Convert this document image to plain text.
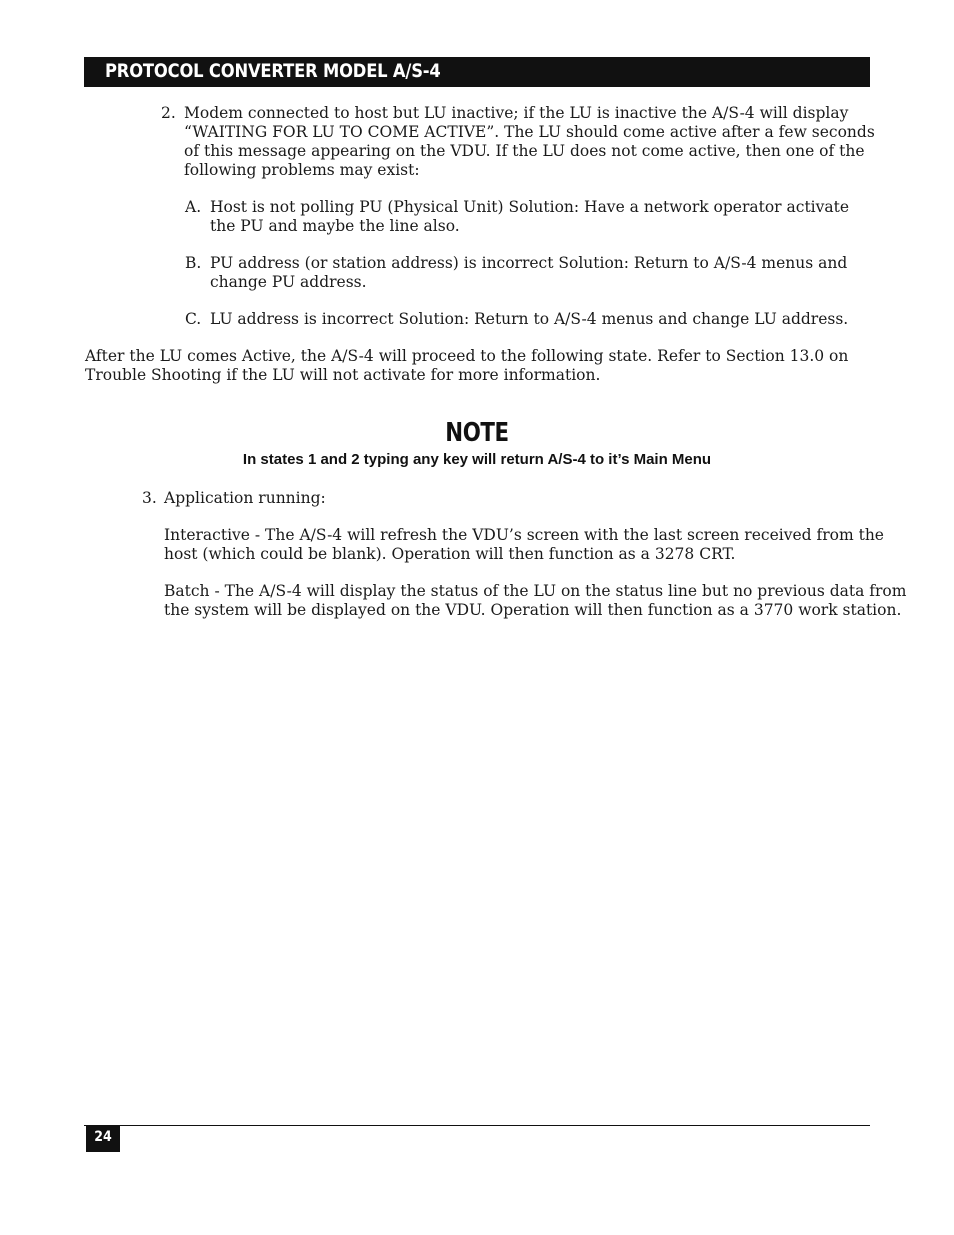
PROTOCOL CONVERTER MODEL A/S-4
2. Modem connected to host but LU inactive; if the LU is inactive the A/S-4 will display
“WAITING FOR LU TO COME ACTIVE”. The LU should come active after a few seconds
of this message appearing on the VDU. If the LU does not come active, then one of the
following problems may exist:
A. Host is not polling PU (Physical Unit) Solution: Have a network operator activate
the PU and maybe the line also.
B. PU address (or station address) is incorrect Solution: Return to A/S-4 menus and
change PU address.
C. LU address is incorrect Solution: Return to A/S-4 menus and change LU address.
After the LU comes Active, the A/S-4 will proceed to the following state. Refer to Section 13.0 on
Trouble Shooting if the LU will not activate for more information.
NOTE
In states 1 and 2 typing any key will return A/S-4 to it’s Main Menu
3. Application running:
Interactive - The A/S-4 will refresh the VDU’s screen with the last screen received from the
host (which could be blank). Operation will then function as a 3278 CRT.
Batch - The A/S-4 will display the status of the LU on the status line but no previous data from
the system will be displayed on the VDU. Operation will then function as a 3770 work station.
24
